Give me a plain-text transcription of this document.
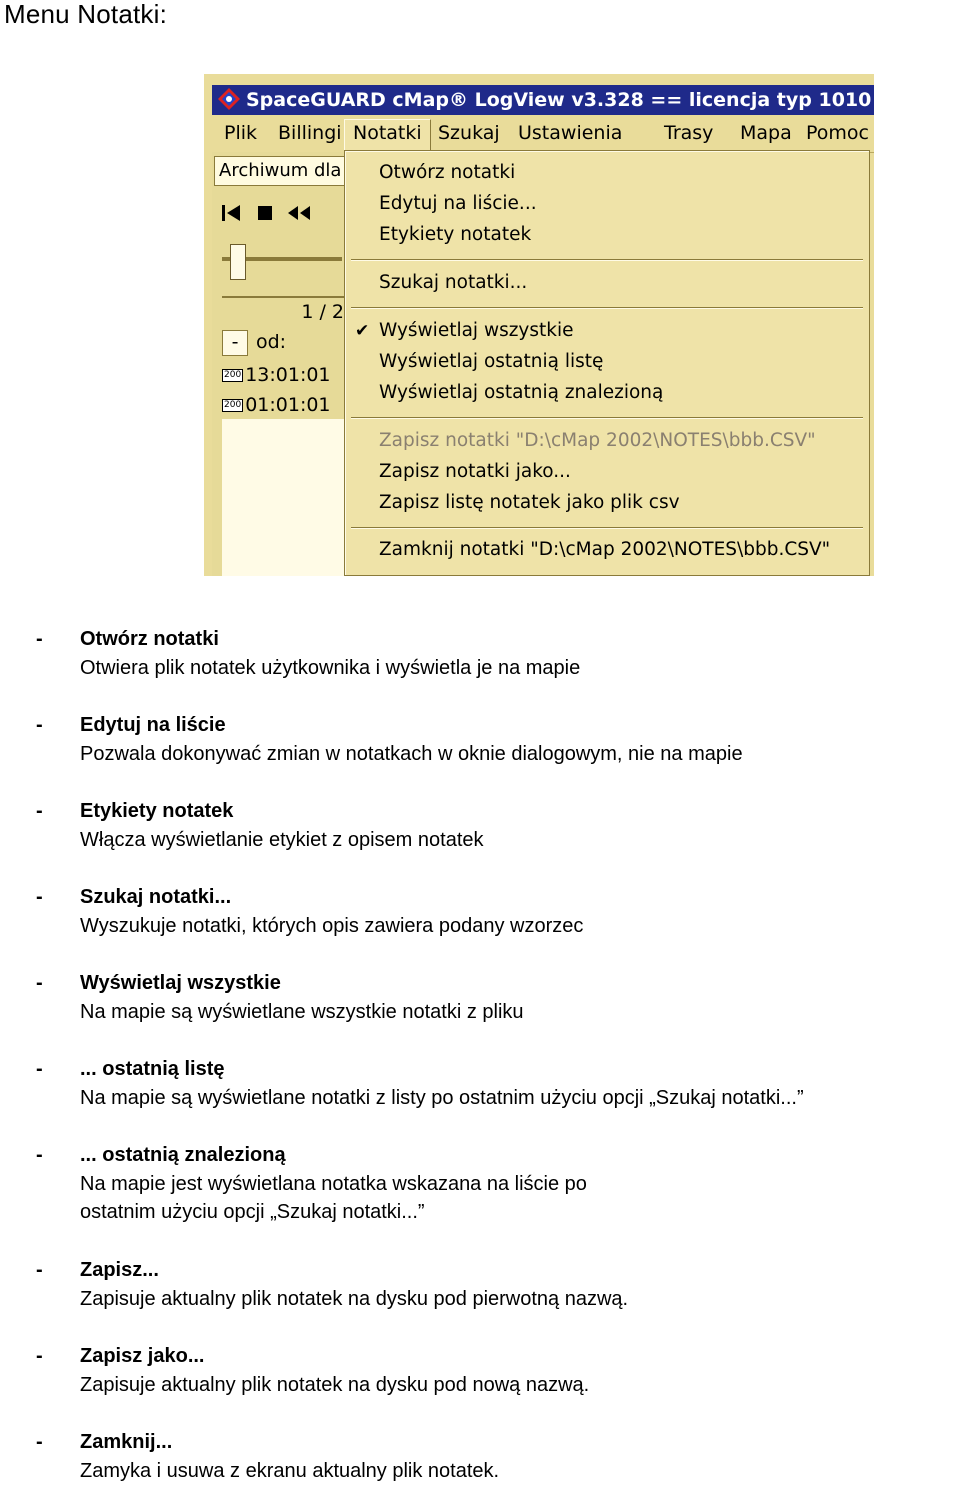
Menu Notatki:
SpaceGUARD cMap® LogView v3.328 == licencja typ 1010
Plik Billingi Notatki Szukaj Ustawienia Trasy Mapa Pomoc
Archiwum dla
1 / 2
- od:
200 13:01:01
200 01:01:01
Otwórz notatki
Edytuj na liście...
Etykiety notatek
Szukaj notatki...
✔ Wyświetlaj wszystkie
Wyświetlaj ostatnią listę
Wyświetlaj ostatnią znalezioną
Zapisz notatki "D:\cMap 2002\NOTES\bbb.CSV"
Zapisz notatki jako...
Zapisz listę notatek jako plik csv
Zamknij notatki "D:\cMap 2002\NOTES\bbb.CSV"
- Otwórz notatki
Otwiera plik notatek użytkownika i wyświetla je na mapie
- Edytuj na liście
Pozwala dokonywać zmian w notatkach w oknie dialogowym, nie na mapie
- Etykiety notatek
Włącza wyświetlanie etykiet z opisem notatek
- Szukaj notatki...
Wyszukuje notatki, których opis zawiera podany wzorzec
- Wyświetlaj wszystkie
Na mapie są wyświetlane wszystkie notatki z pliku
- ... ostatnią listę
Na mapie są wyświetlane notatki z listy po ostatnim użyciu opcji „Szukaj notatki...”
- ... ostatnią znalezioną
Na mapie jest wyświetlana notatka wskazana na liście po
ostatnim użyciu opcji „Szukaj notatki...”
- Zapisz...
Zapisuje aktualny plik notatek na dysku pod pierwotną nazwą.
- Zapisz jako...
Zapisuje aktualny plik notatek na dysku pod nową nazwą.
- Zamknij...
Zamyka i usuwa z ekranu aktualny plik notatek.
